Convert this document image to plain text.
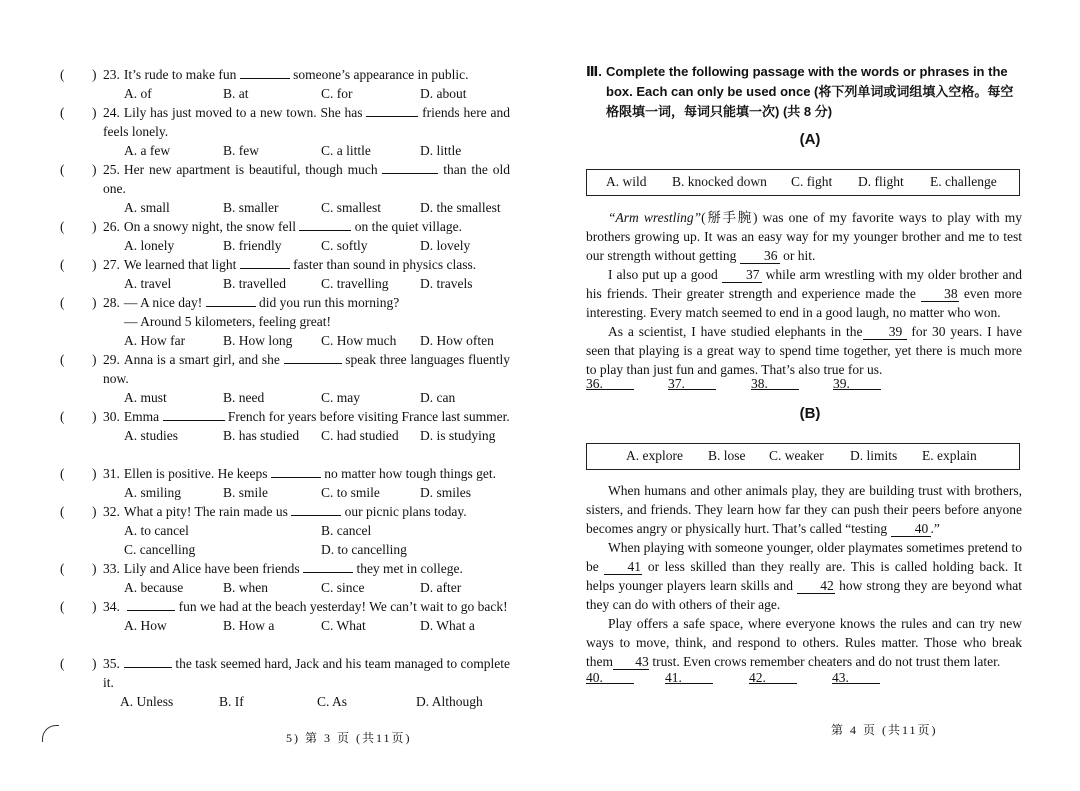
23. It’s rude to make fun	someone’s appearance in public.
A. of	B. at	C. for	D. about
24. Lily has just moved to a new town. She has	friends here and feels lonely.
A. a few	B. few	C. a little	D. little
25. Her new apartment is beautiful, though much	than the old one.
A. small	B. smaller	C. smallest	D. the smallest
26. On a snowy night, the snow fell	on the quiet village.
A. lonely	B. friendly	C. softly	D. lovely
27. We learned that light	faster than sound in physics class.
A. travel	B. travelled	C. travelling D. travels
28. — A nice day!	did you run this morning?
— Around 5 kilometers, feeling great!
A. How far	B. How long C. How much D. How often
29. Anna is a smart girl, and she	speak three languages fluently now.
A. must	B. need	C. may	D. can
30. Emma	French for years before visiting France last summer.
A. studies	B. has studied C. had studied D. is studying
31. Ellen is positive. He keeps	no matter how tough things get.
A. smiling	B. smile	C. to smile	D. smiles
32. What a pity! The rain made us	our picnic plans today.
A. to cancel	B. cancel
C. cancelling	D. to cancelling
33. Lily and Alice have been friends	they met in college.
A. because	B. when	C. since	D. after
34.	fun we had at the beach yesterday! We can’t wait to go back!
A. How	B. How a	C. What	D. What a
35.	the task seemed hard, Jack and his team managed to complete it.
A. Unless	B. If	C. As	D. Although
5) 第 3 页 (共11页)
Ⅲ. Complete the following passage with the words or phrases in the box. Each can only be used once (将下列单词或词组填入空格。每空格限填一词，每词只能填一次) (共 8 分)
(A)
A. wild B. knocked down C. fight D. flight E. challenge

“Arm wrestling”(掰手腕) was one of my favorite ways to play with my brothers growing up. It was an easy way for my younger brother and me to test our strength without getting 36 or hit.

I also put up a good 37 while arm wrestling with my older brother and his friends. Their greater strength and experience made the 38 even more interesting. Every match seemed to end in a good laugh, no matter who won.

As a scientist, I have studied elephants in the 39 for 30 years. I have seen that playing is a great way to spend time together, yet there is much more to play than just fun and games. That’s also true for us.

36.	37.	38.	39.
(B)
A. explore B. lose C. weaker D. limits E. explain

When humans and other animals play, they are building trust with brothers, sisters, and friends. They learn how far they can push their peers before anyone becomes angry or physically hurt. That’s called “testing 40 .”

When playing with someone younger, older playmates sometimes pretend to be 41 or less skilled than they really are. This is called holding back. It helps younger players learn skills and 42 how strong they are beyond what they can do with others of their age.

Play offers a safe space, where everyone knows the rules and can try new ways to move, think, and respond to others. Rules matter. Those who break them 43 trust. Even crows remember cheaters and do not trust them later.

40.	41.	42.	43.
第 4 页 (共11页)
